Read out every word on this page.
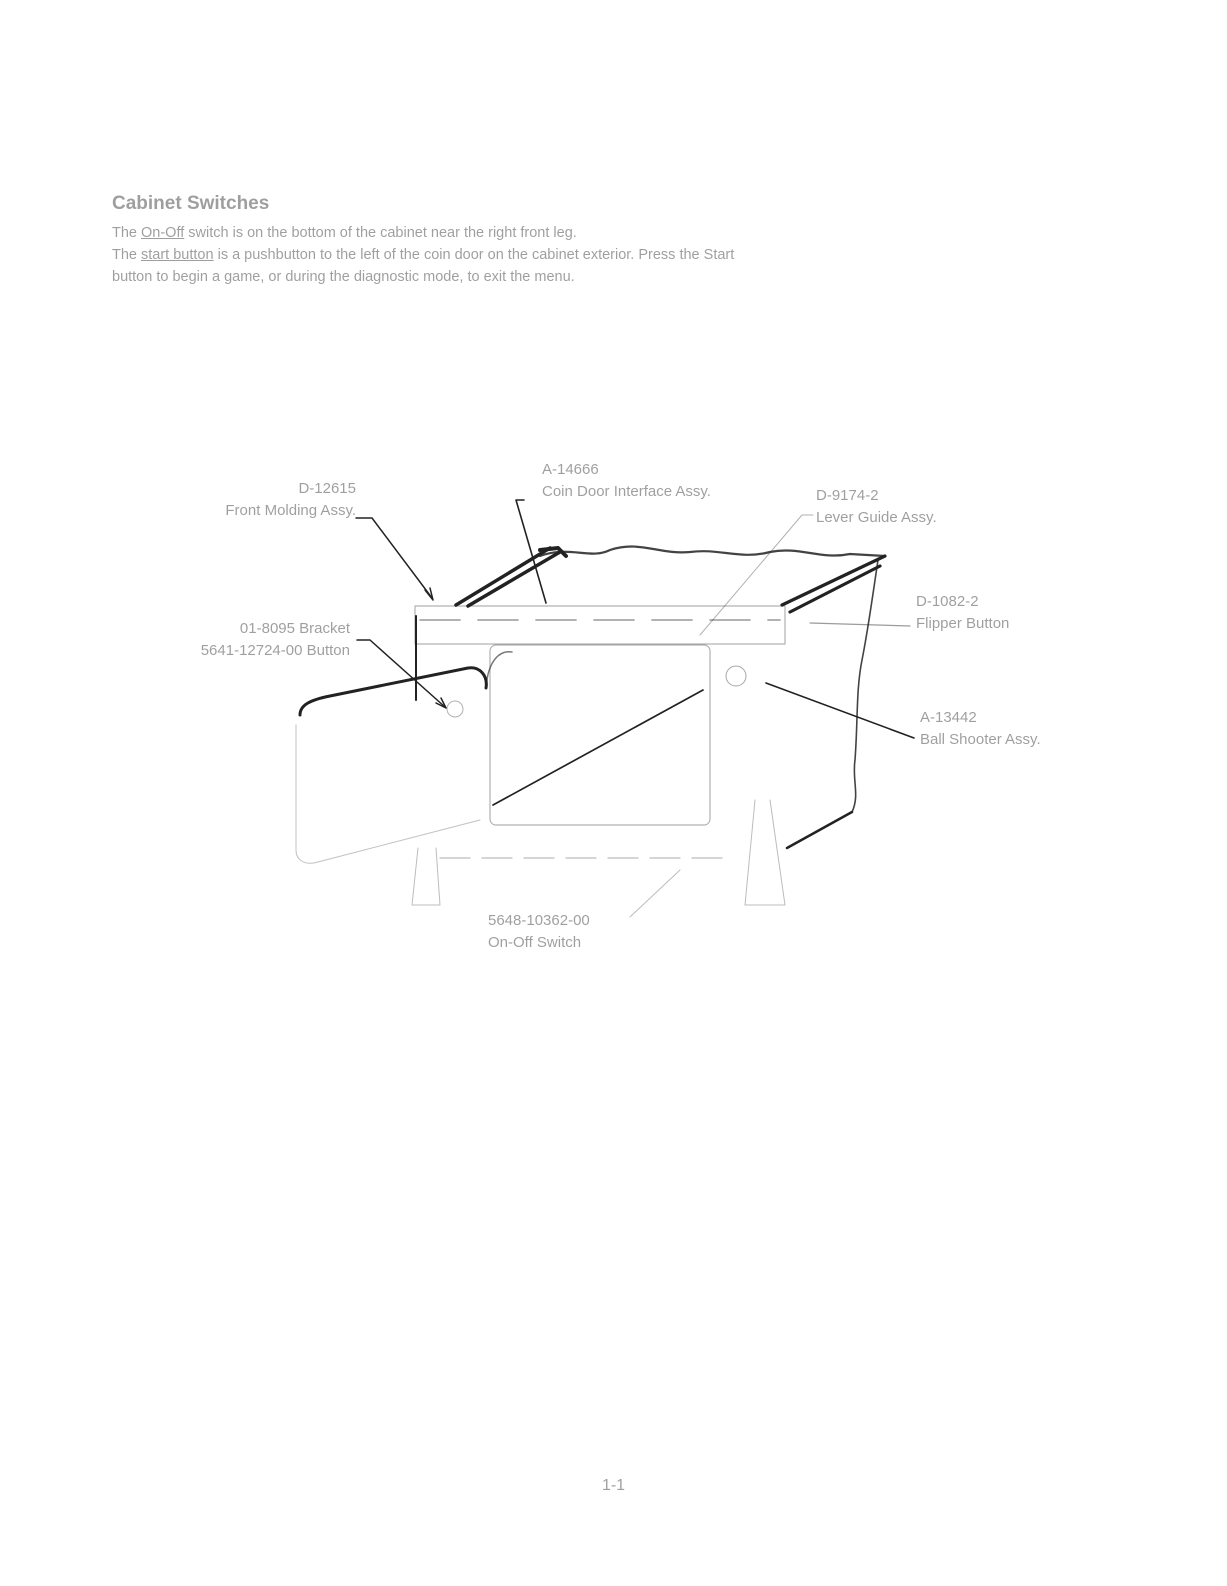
Cabinet Switches
The On-Off switch is on the bottom of the cabinet near the right front leg.
The start button is a pushbutton to the left of the coin door on the cabinet exterior. Press the Start
button to begin a game, or during the diagnostic mode, to exit the menu.
D-12615
Front Molding Assy.
A-14666
Coin Door Interface Assy.	D-9174-2
Lever Guide Assy.
01-8095 Bracket
5641-12724-00 Button
D-1082-2
Flipper Button
A-13442
Ball Shooter Assy.
5648-10362-00
On-Off Switch
1-1
